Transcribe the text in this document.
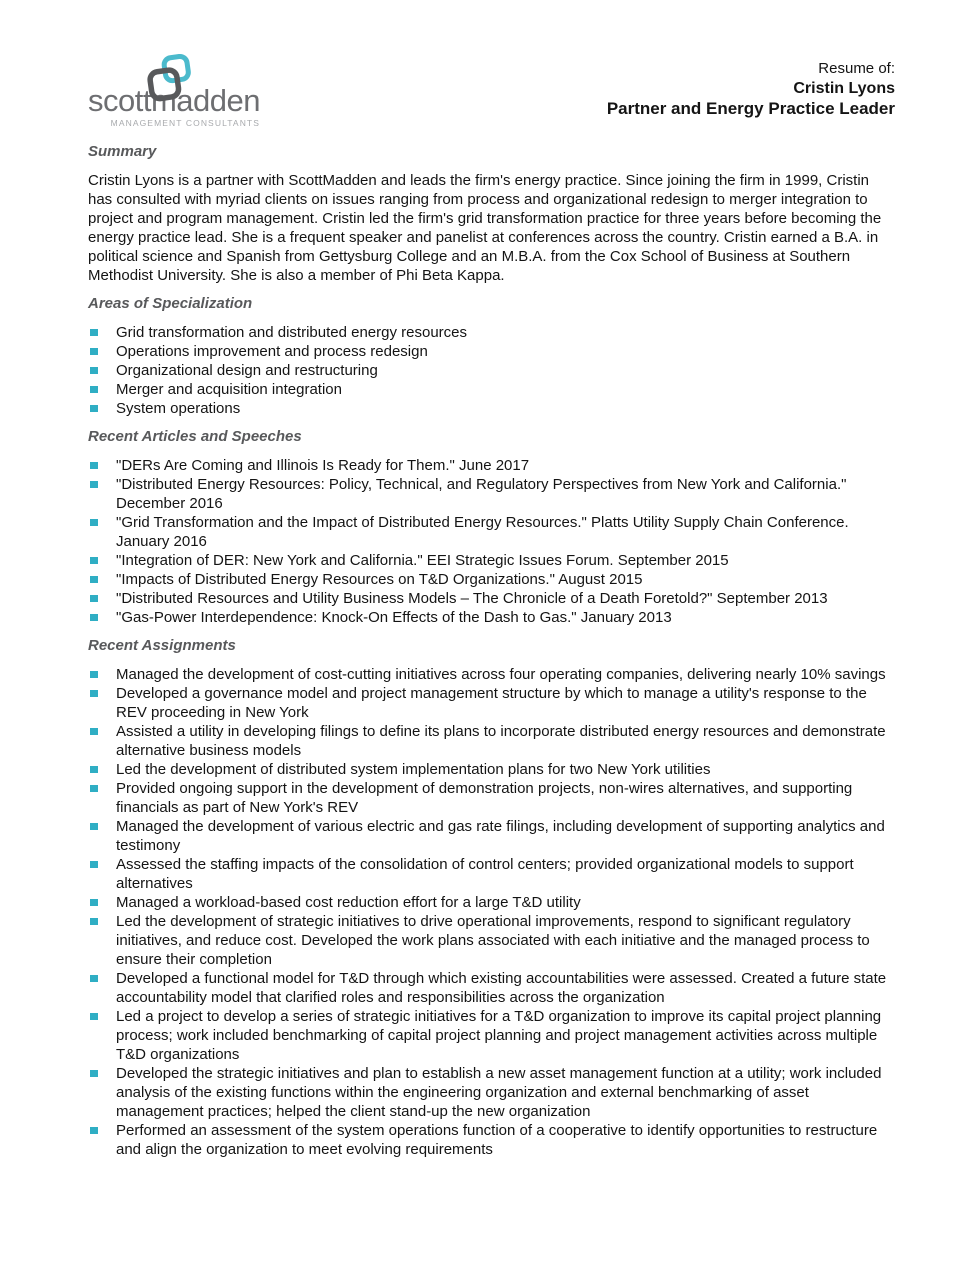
scottmadden
MANAGEMENT CONSULTANTS
Resume of:
Cristin Lyons
Partner and Energy Practice Leader
Summary

Cristin Lyons is a partner with ScottMadden and leads the firm's energy practice. Since joining the firm in 1999, Cristin has consulted with myriad clients on issues ranging from process and organizational redesign to merger integration to project and program management. Cristin led the firm's grid transformation practice for three years before becoming the energy practice lead. She is a frequent speaker and panelist at conferences across the country. Cristin earned a B.A. in political science and Spanish from Gettysburg College and an M.B.A. from the Cox School of Business at Southern Methodist University. She is also a member of Phi Beta Kappa.

Areas of Specialization
Grid transformation and distributed energy resources
Operations improvement and process redesign
Organizational design and restructuring
Merger and acquisition integration
System operations
Recent Articles and Speeches
"DERs Are Coming and Illinois Is Ready for Them." June 2017
"Distributed Energy Resources: Policy, Technical, and Regulatory Perspectives from New York and California." December 2016
"Grid Transformation and the Impact of Distributed Energy Resources." Platts Utility Supply Chain Conference. January 2016
"Integration of DER: New York and California." EEI Strategic Issues Forum. September 2015
"Impacts of Distributed Energy Resources on T&D Organizations." August 2015
"Distributed Resources and Utility Business Models – The Chronicle of a Death Foretold?" September 2013
"Gas-Power Interdependence: Knock-On Effects of the Dash to Gas." January 2013
Recent Assignments
Managed the development of cost-cutting initiatives across four operating companies, delivering nearly 10% savings
Developed a governance model and project management structure by which to manage a utility's response to the REV proceeding in New York
Assisted a utility in developing filings to define its plans to incorporate distributed energy resources and demonstrate alternative business models
Led the development of distributed system implementation plans for two New York utilities
Provided ongoing support in the development of demonstration projects, non-wires alternatives, and supporting financials as part of New York's REV
Managed the development of various electric and gas rate filings, including development of supporting analytics and testimony
Assessed the staffing impacts of the consolidation of control centers; provided organizational models to support alternatives
Managed a workload-based cost reduction effort for a large T&D utility
Led the development of strategic initiatives to drive operational improvements, respond to significant regulatory initiatives, and reduce cost. Developed the work plans associated with each initiative and the managed process to ensure their completion
Developed a functional model for T&D through which existing accountabilities were assessed. Created a future state accountability model that clarified roles and responsibilities across the organization
Led a project to develop a series of strategic initiatives for a T&D organization to improve its capital project planning process; work included benchmarking of capital project planning and project management activities across multiple T&D organizations
Developed the strategic initiatives and plan to establish a new asset management function at a utility; work included analysis of the existing functions within the engineering organization and external benchmarking of asset management practices; helped the client stand-up the new organization
Performed an assessment of the system operations function of a cooperative to identify opportunities to restructure and align the organization to meet evolving requirements
